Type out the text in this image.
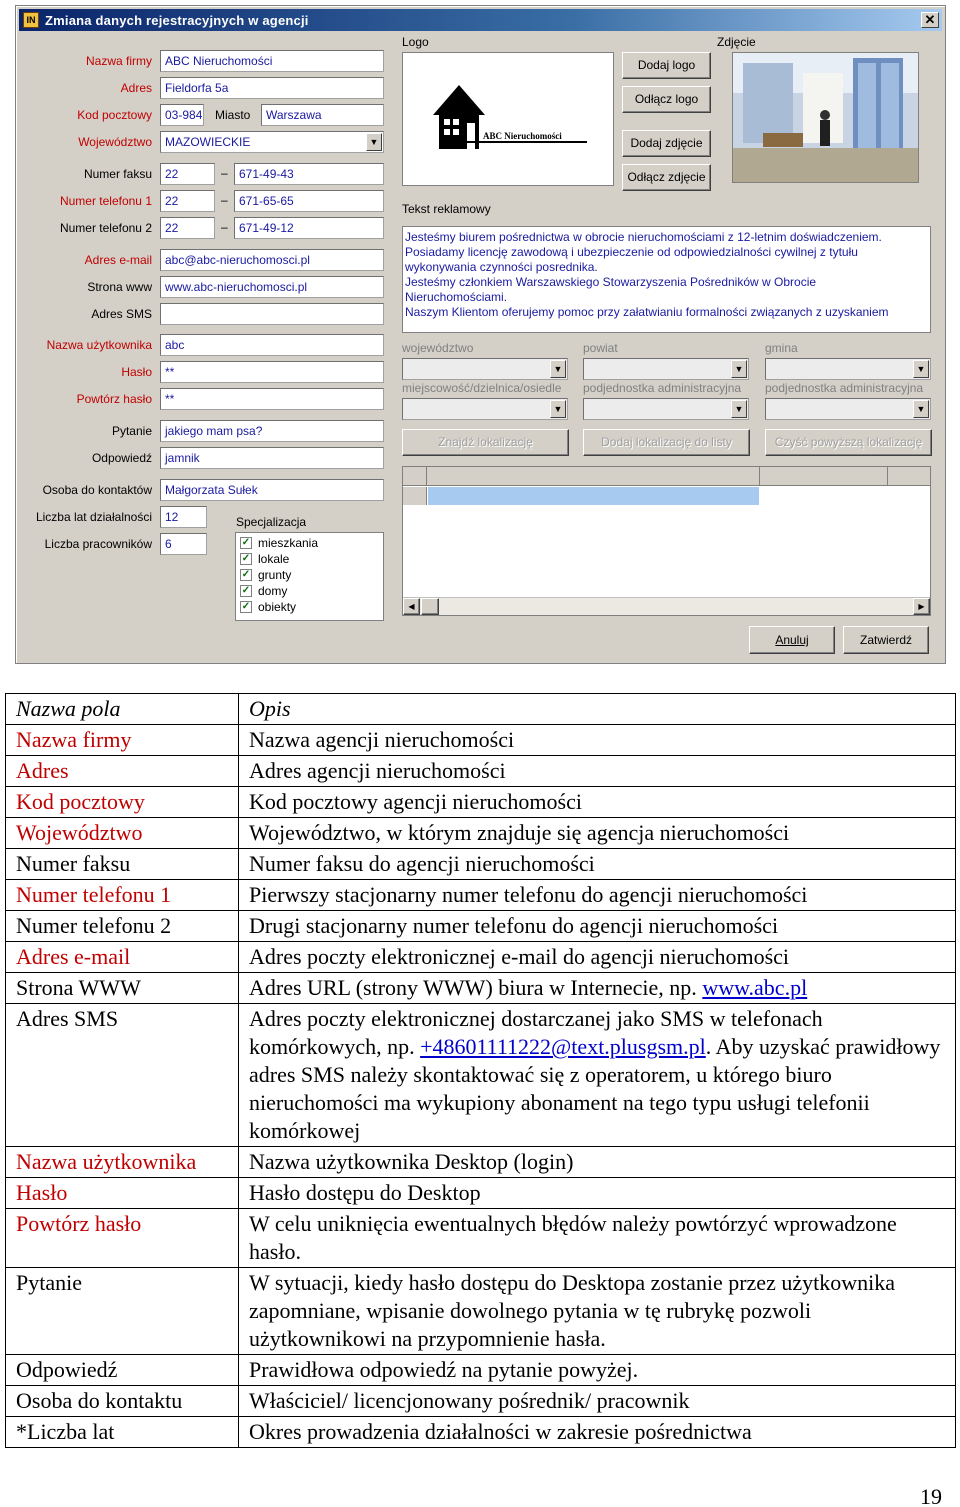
IN Zmiana danych rejestracyjnych w agencji	✕
Nazwa firmy	ABC Nieruchomości
Adres	Fieldorfa 5a
Kod pocztowy	03-984 Miasto	Warszawa
Województwo	MAZOWIECKIE	▼
Numer faksu	22	– 671-49-43
Numer telefonu 1	22	– 671-65-65
Numer telefonu 2	22	– 671-49-12
Adres e-mail	abc@abc-nieruchomosci.pl
Strona www	www.abc-nieruchomosci.pl
Adres SMS
Nazwa użytkownika	abc
Hasło	**
Powtórz hasło	**
Pytanie	jakiego mam psa?
Odpowiedź	jamnik
Osoba do kontaktów	Małgorzata Sułek
Liczba lat działalności	12
Liczba pracowników	6
Specjalizacja
✓ mieszkania
✓ lokale
✓ grunty
✓ domy
✓ obiekty
Logo
ABC Nieruchomości
Dodaj logo
Odłącz logo
Dodaj zdjęcie
Odłącz zdjęcie
Zdjęcie
Tekst reklamowy
Jesteśmy biurem pośrednictwa w obrocie nieruchomościami z 12-letnim doświadczeniem.
Posiadamy licencję zawodową i ubezpieczenie od odpowiedzialności cywilnej z tytułu
wykonywania czynności posrednika.
Jesteśmy członkiem Warszawskiego Stowarzyszenia Pośredników w Obrocie
Nieruchomościami.
Naszym Klientom oferujemy pomoc przy załatwianiu formalności związanych z uzyskaniem
województwo
▼
powiat
▼
gmina
▼
miejscowość/dzielnica/osiedle
▼
podjednostka administracyjna
▼
podjednostka administracyjna
▼
Znajdź lokalizację	Dodaj lokalizację do listy	Czyść powyższą lokalizację
◀	▶
Anuluj	Zatwierdź
Nazwa pola	Opis
Nazwa firmy	Nazwa agencji nieruchomości
Adres	Adres agencji nieruchomości
Kod pocztowy	Kod pocztowy agencji nieruchomości
Województwo	Województwo, w którym znajduje się agencja nieruchomości
Numer faksu	Numer faksu do agencji nieruchomości
Numer telefonu 1	Pierwszy stacjonarny numer telefonu do agencji nieruchomości
Numer telefonu 2	Drugi stacjonarny numer telefonu do agencji nieruchomości
Adres e-mail	Adres poczty elektronicznej e-mail do agencji nieruchomości
Strona WWW	Adres URL (strony WWW) biura w Internecie, np. www.abc.pl
Adres SMS	Adres poczty elektronicznej dostarczanej jako SMS w telefonach komórkowych, np. +48601111222@text.plusgsm.pl. Aby uzyskać prawidłowy adres SMS należy skontaktować się z operatorem, u którego biuro nieruchomości ma wykupiony abonament na tego typu usługi telefonii komórkowej
Nazwa użytkownika	Nazwa użytkownika Desktop (login)
Hasło	Hasło dostępu do Desktop
Powtórz hasło	W celu uniknięcia ewentualnych błędów należy powtórzyć wprowadzone hasło.
Pytanie	W sytuacji, kiedy hasło dostępu do Desktopa zostanie przez użytkownika zapomniane, wpisanie dowolnego pytania w tę rubrykę pozwoli użytkownikowi na przypomnienie hasła.
Odpowiedź	Prawidłowa odpowiedź na pytanie powyżej.
Osoba do kontaktu	Właściciel/ licencjonowany pośrednik/ pracownik
*Liczba lat	Okres prowadzenia działalności w zakresie pośrednictwa
19
